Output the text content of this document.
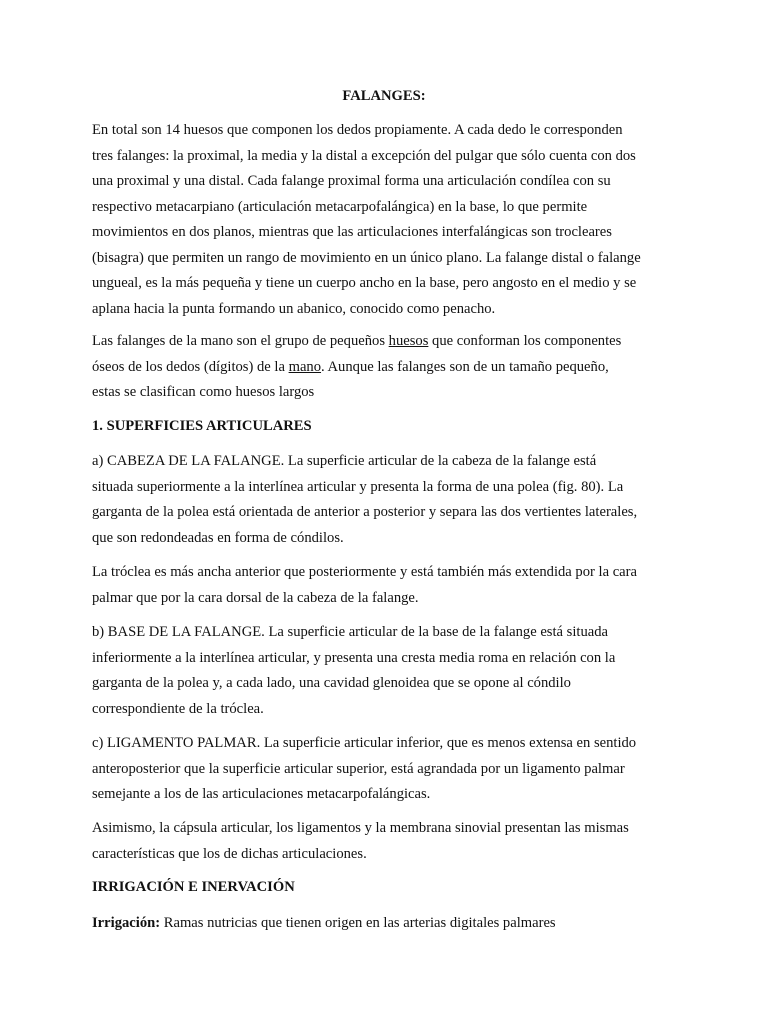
FALANGES:
En total son 14 huesos que componen los dedos propiamente. A cada dedo le corresponden
tres falanges: la proximal, la media y la distal a excepción del pulgar que sólo cuenta con dos
una proximal y una distal. Cada falange proximal forma una articulación condílea con su
respectivo metacarpiano (articulación metacarpofalángica) en la base, lo que permite
movimientos en dos planos, mientras que las articulaciones interfalángicas son trocleares
(bisagra) que permiten un rango de movimiento en un único plano. La falange distal o falange
ungueal, es la más pequeña y tiene un cuerpo ancho en la base, pero angosto en el medio y se
aplana hacia la punta formando un abanico, conocido como penacho.
Las falanges de la mano son el grupo de pequeños huesos que conforman los componentes
óseos de los dedos (dígitos) de la mano. Aunque las falanges son de un tamaño pequeño,
estas se clasifican como huesos largos
1. SUPERFICIES ARTICULARES
a) CABEZA DE LA FALANGE. La superficie articular de la cabeza de la falange está
situada superiormente a la interlínea articular y presenta la forma de una polea (fig. 80). La
garganta de la polea está orientada de anterior a posterior y separa las dos vertientes laterales,
que son redondeadas en forma de cóndilos.
La tróclea es más ancha anterior que posteriormente y está también más extendida por la cara
palmar que por la cara dorsal de la cabeza de la falange.
b) BASE DE LA FALANGE. La superficie articular de la base de la falange está situada
inferiormente a la interlínea articular, y presenta una cresta media roma en relación con la
garganta de la polea y, a cada lado, una cavidad glenoidea que se opone al cóndilo
correspondiente de la tróclea.
c) LIGAMENTO PALMAR. La superficie articular inferior, que es menos extensa en sentido
anteroposterior que la superficie articular superior, está agrandada por un ligamento palmar
semejante a los de las articulaciones metacarpofalángicas.
Asimismo, la cápsula articular, los ligamentos y la membrana sinovial presentan las mismas
características que los de dichas articulaciones.
IRRIGACIÓN E INERVACIÓN
Irrigación: Ramas nutricias que tienen origen en las arterias digitales palmares
